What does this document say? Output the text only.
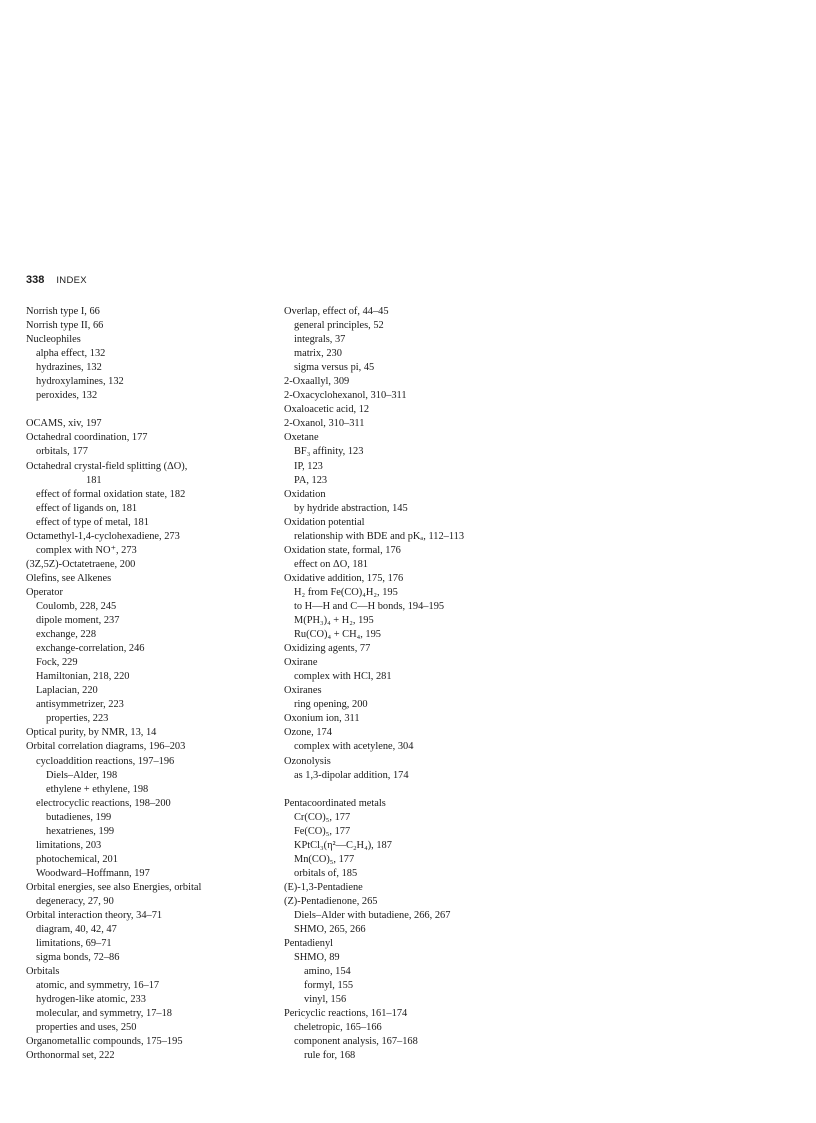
338 INDEX
Norrish type I, 66
Norrish type II, 66
Nucleophiles
alpha effect, 132
hydrazines, 132
hydroxylamines, 132
peroxides, 132
OCAMS, xiv, 197
Octahedral coordination, 177
orbitals, 177
Octahedral crystal-field splitting (ΔO),
181
effect of formal oxidation state, 182
effect of ligands on, 181
effect of type of metal, 181
Octamethyl-1,4-cyclohexadiene, 273
complex with NO⁺, 273
(3Z,5Z)-Octatetraene, 200
Olefins, see Alkenes
Operator
Coulomb, 228, 245
dipole moment, 237
exchange, 228
exchange-correlation, 246
Fock, 229
Hamiltonian, 218, 220
Laplacian, 220
antisymmetrizer, 223
properties, 223
Optical purity, by NMR, 13, 14
Orbital correlation diagrams, 196–203
cycloaddition reactions, 197–196
Diels–Alder, 198
ethylene + ethylene, 198
electrocyclic reactions, 198–200
butadienes, 199
hexatrienes, 199
limitations, 203
photochemical, 201
Woodward–Hoffmann, 197
Orbital energies, see also Energies, orbital
degeneracy, 27, 90
Orbital interaction theory, 34–71
diagram, 40, 42, 47
limitations, 69–71
sigma bonds, 72–86
Orbitals
atomic, and symmetry, 16–17
hydrogen-like atomic, 233
molecular, and symmetry, 17–18
properties and uses, 250
Organometallic compounds, 175–195
Orthonormal set, 222
Overlap, effect of, 44–45
general principles, 52
integrals, 37
matrix, 230
sigma versus pi, 45
2-Oxaallyl, 309
2-Oxacyclohexanol, 310–311
Oxaloacetic acid, 12
2-Oxanol, 310–311
Oxetane
BF₃ affinity, 123
IP, 123
PA, 123
Oxidation
by hydride abstraction, 145
Oxidation potential
relationship with BDE and pKₐ, 112–113
Oxidation state, formal, 176
effect on ΔO, 181
Oxidative addition, 175, 176
H₂ from Fe(CO)₄H₂, 195
to H—H and C—H bonds, 194–195
M(PH₃)₄ + H₂, 195
Ru(CO)₄ + CH₄, 195
Oxidizing agents, 77
Oxirane
complex with HCl, 281
Oxiranes
ring opening, 200
Oxonium ion, 311
Ozone, 174
complex with acetylene, 304
Ozonolysis
as 1,3-dipolar addition, 174
Pentacoordinated metals
Cr(CO)₅, 177
Fe(CO)₅, 177
KPtCl₃(η²—C₂H₄), 187
Mn(CO)₅, 177
orbitals of, 185
(E)-1,3-Pentadiene
(Z)-Pentadienone, 265
Diels–Alder with butadiene, 266, 267
SHMO, 265, 266
Pentadienyl
SHMO, 89
amino, 154
formyl, 155
vinyl, 156
Pericyclic reactions, 161–174
cheletropic, 165–166
component analysis, 167–168
rule for, 168
